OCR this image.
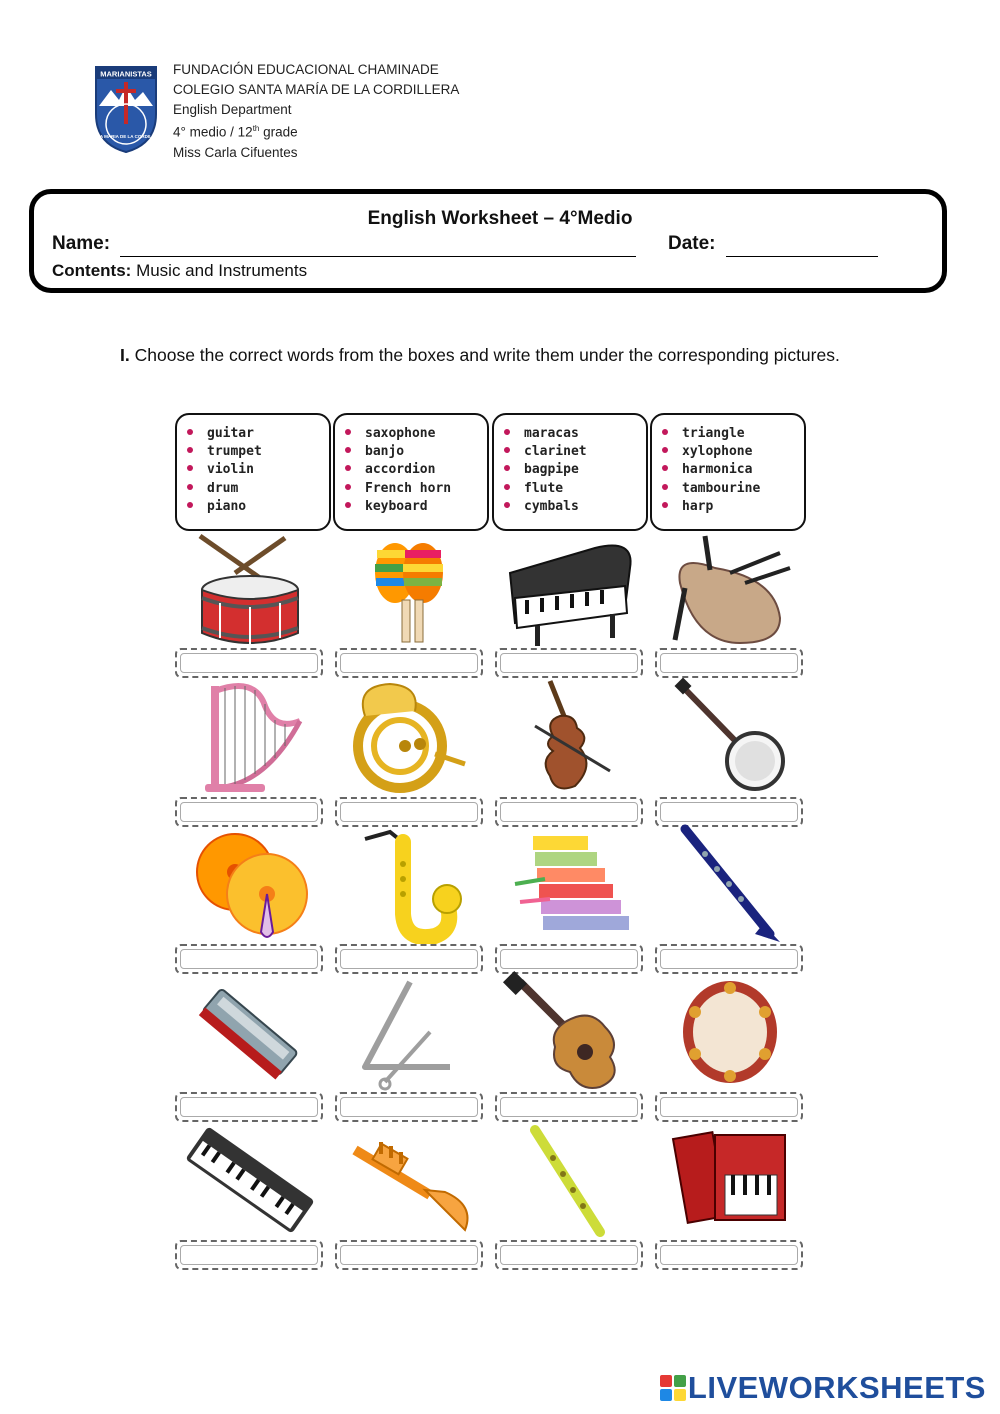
MARIANISTAS
SANTA MARIA DE LA CORDILLERA
FUNDACIÓN EDUCACIONAL CHAMINADE
COLEGIO SANTA MARÍA DE LA CORDILLERA
English Department
4° medio / 12th grade
Miss Carla Cifuentes
English Worksheet – 4°Medio
Name:	Date:
Contents: Music and Instruments
I. Choose the correct words from the boxes and write them under the corresponding pictures.
guitar
trumpet
violin
drum
piano
saxophone
banjo
accordion
French horn
keyboard
maracas
clarinet
bagpipe
flute
cymbals
triangle
xylophone
harmonica
tambourine
harp
LIVEWORKSHEETS
